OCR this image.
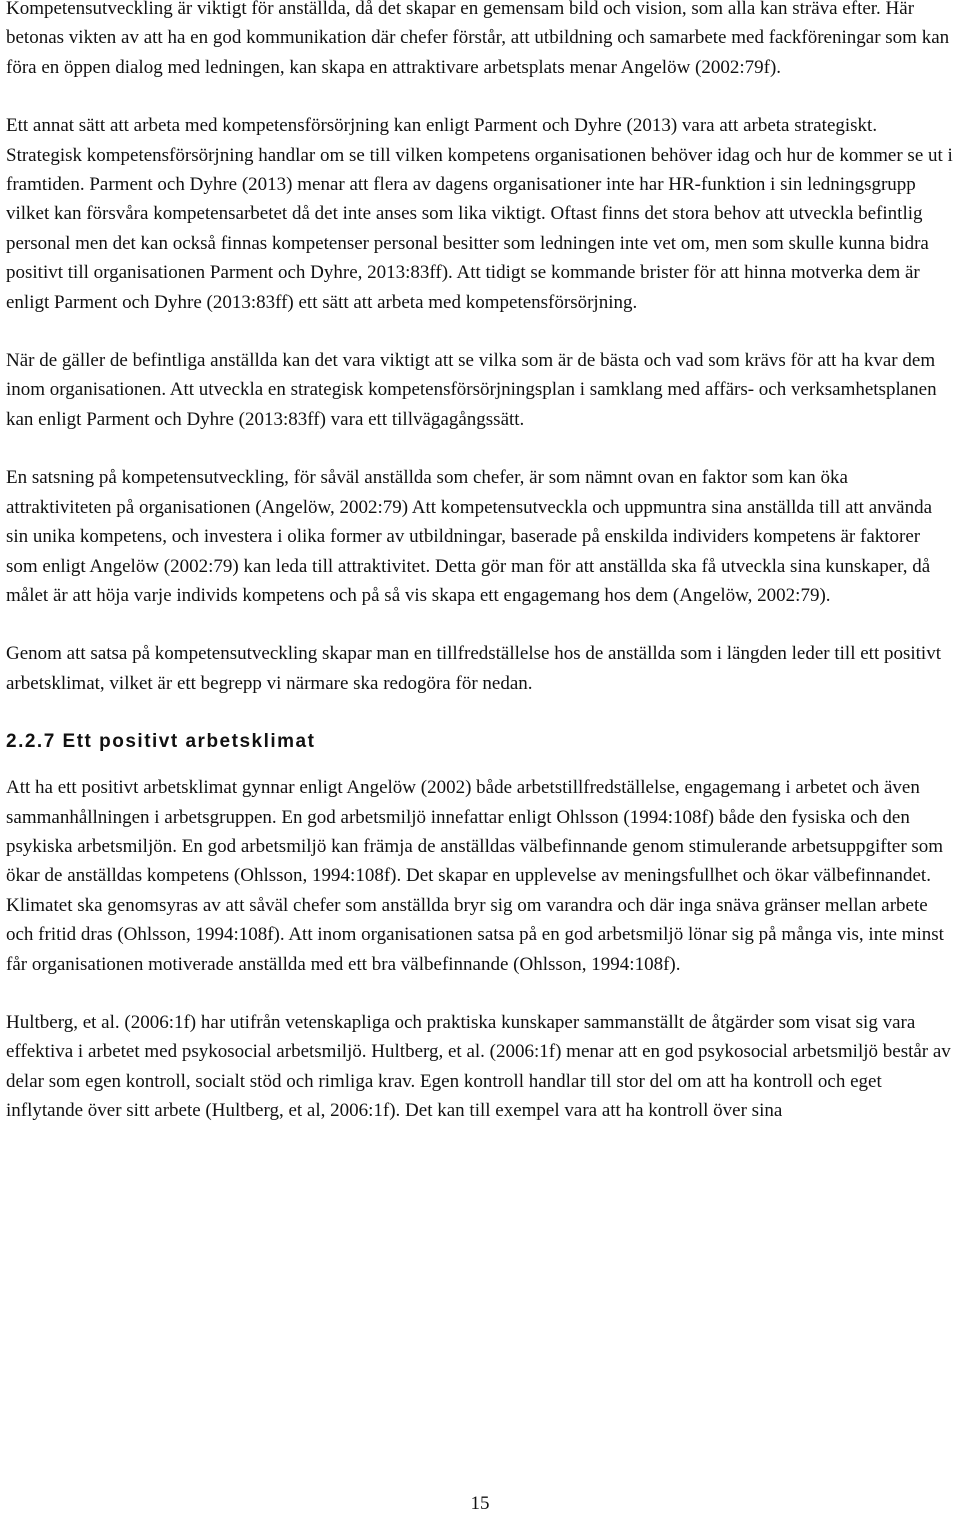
Kompetensutveckling är viktigt för anställda, då det skapar en gemensam bild och vision, som alla kan sträva efter. Här betonas vikten av att ha en god kommunikation där chefer förstår, att utbildning och samarbete med fackföreningar som kan föra en öppen dialog med ledningen, kan skapa en attraktivare arbetsplats menar Angelöw (2002:79f).

Ett annat sätt att arbeta med kompetensförsörjning kan enligt Parment och Dyhre (2013) vara att arbeta strategiskt. Strategisk kompetensförsörjning handlar om se till vilken kompetens organisationen behöver idag och hur de kommer se ut i framtiden. Parment och Dyhre (2013) menar att flera av dagens organisationer inte har HR-funktion i sin ledningsgrupp vilket kan försvåra kompetensarbetet då det inte anses som lika viktigt. Oftast finns det stora behov att utveckla befintlig personal men det kan också finnas kompetenser personal besitter som ledningen inte vet om, men som skulle kunna bidra positivt till organisationen Parment och Dyhre, 2013:83ff). Att tidigt se kommande brister för att hinna motverka dem är enligt Parment och Dyhre (2013:83ff) ett sätt att arbeta med kompetensförsörjning.

När de gäller de befintliga anställda kan det vara viktigt att se vilka som är de bästa och vad som krävs för att ha kvar dem inom organisationen. Att utveckla en strategisk kompetensförsörjningsplan i samklang med affärs- och verksamhetsplanen kan enligt Parment och Dyhre (2013:83ff) vara ett tillvägagångssätt.

En satsning på kompetensutveckling, för såväl anställda som chefer, är som nämnt ovan en faktor som kan öka attraktiviteten på organisationen (Angelöw, 2002:79) Att kompetensutveckla och uppmuntra sina anställda till att använda sin unika kompetens, och investera i olika former av utbildningar, baserade på enskilda individers kompetens är faktorer som enligt Angelöw (2002:79) kan leda till attraktivitet. Detta gör man för att anställda ska få utveckla sina kunskaper, då målet är att höja varje individs kompetens och på så vis skapa ett engagemang hos dem (Angelöw, 2002:79).

Genom att satsa på kompetensutveckling skapar man en tillfredställelse hos de anställda som i längden leder till ett positivt arbetsklimat, vilket är ett begrepp vi närmare ska redogöra för nedan.

2.2.7 Ett positivt arbetsklimat

Att ha ett positivt arbetsklimat gynnar enligt Angelöw (2002) både arbetstillfredställelse, engagemang i arbetet och även sammanhållningen i arbetsgruppen. En god arbetsmiljö innefattar enligt Ohlsson (1994:108f) både den fysiska och den psykiska arbetsmiljön. En god arbetsmiljö kan främja de anställdas välbefinnande genom stimulerande arbetsuppgifter som ökar de anställdas kompetens (Ohlsson, 1994:108f). Det skapar en upplevelse av meningsfullhet och ökar välbefinnandet. Klimatet ska genomsyras av att såväl chefer som anställda bryr sig om varandra och där inga snäva gränser mellan arbete och fritid dras (Ohlsson, 1994:108f). Att inom organisationen satsa på en god arbetsmiljö lönar sig på många vis, inte minst får organisationen motiverade anställda med ett bra välbefinnande (Ohlsson, 1994:108f).

Hultberg, et al. (2006:1f) har utifrån vetenskapliga och praktiska kunskaper sammanställt de åtgärder som visat sig vara effektiva i arbetet med psykosocial arbetsmiljö. Hultberg, et al. (2006:1f) menar att en god psykosocial arbetsmiljö består av delar som egen kontroll, socialt stöd och rimliga krav. Egen kontroll handlar till stor del om att ha kontroll och eget inflytande över sitt arbete (Hultberg, et al, 2006:1f). Det kan till exempel vara att ha kontroll över sina

15
